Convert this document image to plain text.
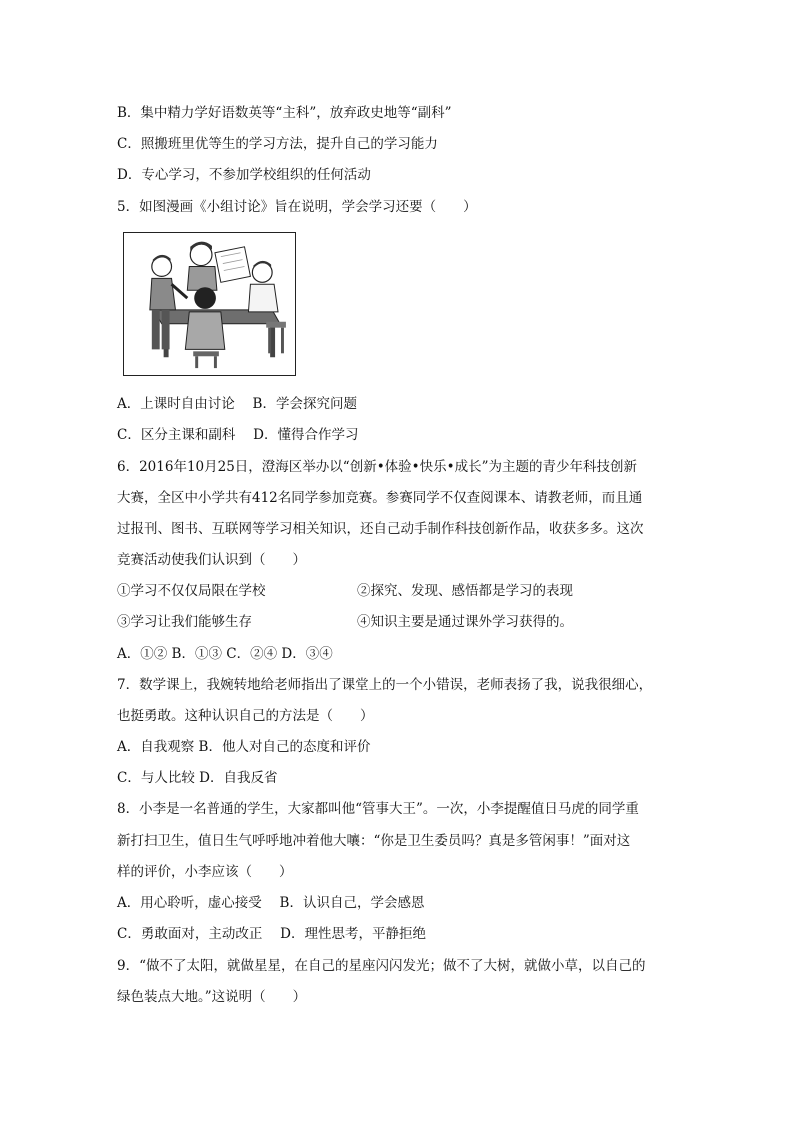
B．集中精力学好语数英等“主科”，放弃政史地等“副科”
C．照搬班里优等生的学习方法，提升自己的学习能力
D．专心学习，不参加学校组织的任何活动
5．如图漫画《小组讨论》旨在说明，学会学习还要（　　）
A．上课时自由讨论　 B．学会探究问题
C．区分主课和副科　 D．懂得合作学习
6．2016年10月25日，澄海区举办以“创新•体验•快乐•成长”为主题的青少年科技创新
大赛，全区中小学共有412名同学参加竞赛。参赛同学不仅查阅课本、请教老师，而且通
过报刊、图书、互联网等学习相关知识，还自己动手制作科技创新作品，收获多多。这次
竞赛活动使我们认识到（　　）
①学习不仅仅局限在学校	②探究、发现、感悟都是学习的表现
③学习让我们能够生存	④知识主要是通过课外学习获得的。
A．①② B．①③ C．②④ D．③④
7．数学课上，我婉转地给老师指出了课堂上的一个小错误，老师表扬了我，说我很细心，
也挺勇敢。这种认识自己的方法是（　　）
A．自我观察 B．他人对自己的态度和评价
C．与人比较 D．自我反省
8．小李是一名普通的学生，大家都叫他“管事大王”。一次，小李提醒值日马虎的同学重
新打扫卫生，值日生气呼呼地冲着他大嚷：“你是卫生委员吗？真是多管闲事！”面对这
样的评价，小李应该（　　）
A．用心聆听，虚心接受　 B．认识自己，学会感恩
C．勇敢面对，主动改正　 D．理性思考，平静拒绝
9．“做不了太阳，就做星星，在自己的星座闪闪发光；做不了大树，就做小草，以自己的
绿色装点大地。”这说明（　　）
